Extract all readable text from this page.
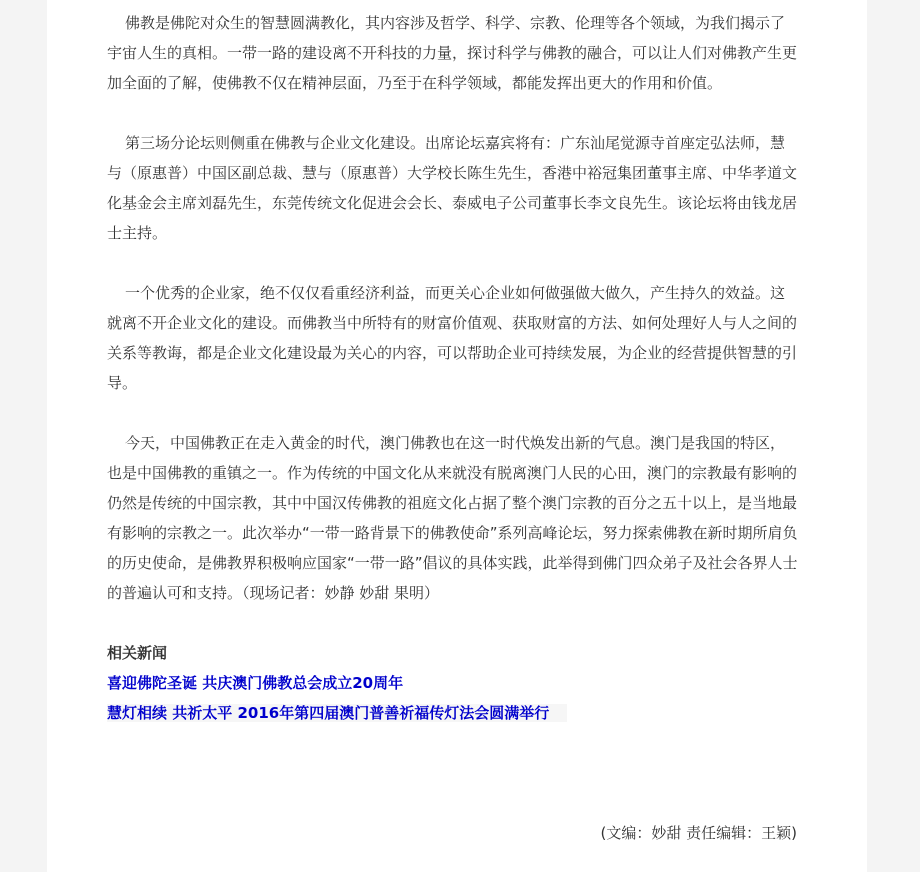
佛教是佛陀对众生的智慧圆满教化，其内容涉及哲学、科学、宗教、伦理等各个领域，为我们揭示了宇宙人生的真相。一带一路的建设离不开科技的力量，探讨科学与佛教的融合，可以让人们对佛教产生更加全面的了解，使佛教不仅在精神层面，乃至于在科学领域，都能发挥出更大的作用和价值。

第三场分论坛则侧重在佛教与企业文化建设。出席论坛嘉宾将有：广东汕尾觉源寺首座定弘法师，慧与（原惠普）中国区副总裁、慧与（原惠普）大学校长陈生先生，香港中裕冠集团董事主席、中华孝道文化基金会主席刘磊先生，东莞传统文化促进会会长、泰威电子公司董事长李文良先生。该论坛将由钱龙居士主持。

一个优秀的企业家，绝不仅仅看重经济利益，而更关心企业如何做强做大做久，产生持久的效益。这就离不开企业文化的建设。而佛教当中所特有的财富价值观、获取财富的方法、如何处理好人与人之间的关系等教诲，都是企业文化建设最为关心的内容，可以帮助企业可持续发展，为企业的经营提供智慧的引导。

今天，中国佛教正在走入黄金的时代，澳门佛教也在这一时代焕发出新的气息。澳门是我国的特区，也是中国佛教的重镇之一。作为传统的中国文化从来就没有脱离澳门人民的心田，澳门的宗教最有影响的仍然是传统的中国宗教，其中中国汉传佛教的祖庭文化占据了整个澳门宗教的百分之五十以上，是当地最有影响的宗教之一。此次举办“一带一路背景下的佛教使命”系列高峰论坛，努力探索佛教在新时期所肩负的历史使命，是佛教界积极响应国家“一带一路”倡议的具体实践，此举得到佛门四众弟子及社会各界人士的普遍认可和支持。（现场记者：妙静 妙甜 果明）

相关新闻
喜迎佛陀圣诞 共庆澳门佛教总会成立20周年
慧灯相续 共祈太平 2016年第四届澳门普善祈福传灯法会圆满举行
(文编：妙甜 责任编辑：王颖)
